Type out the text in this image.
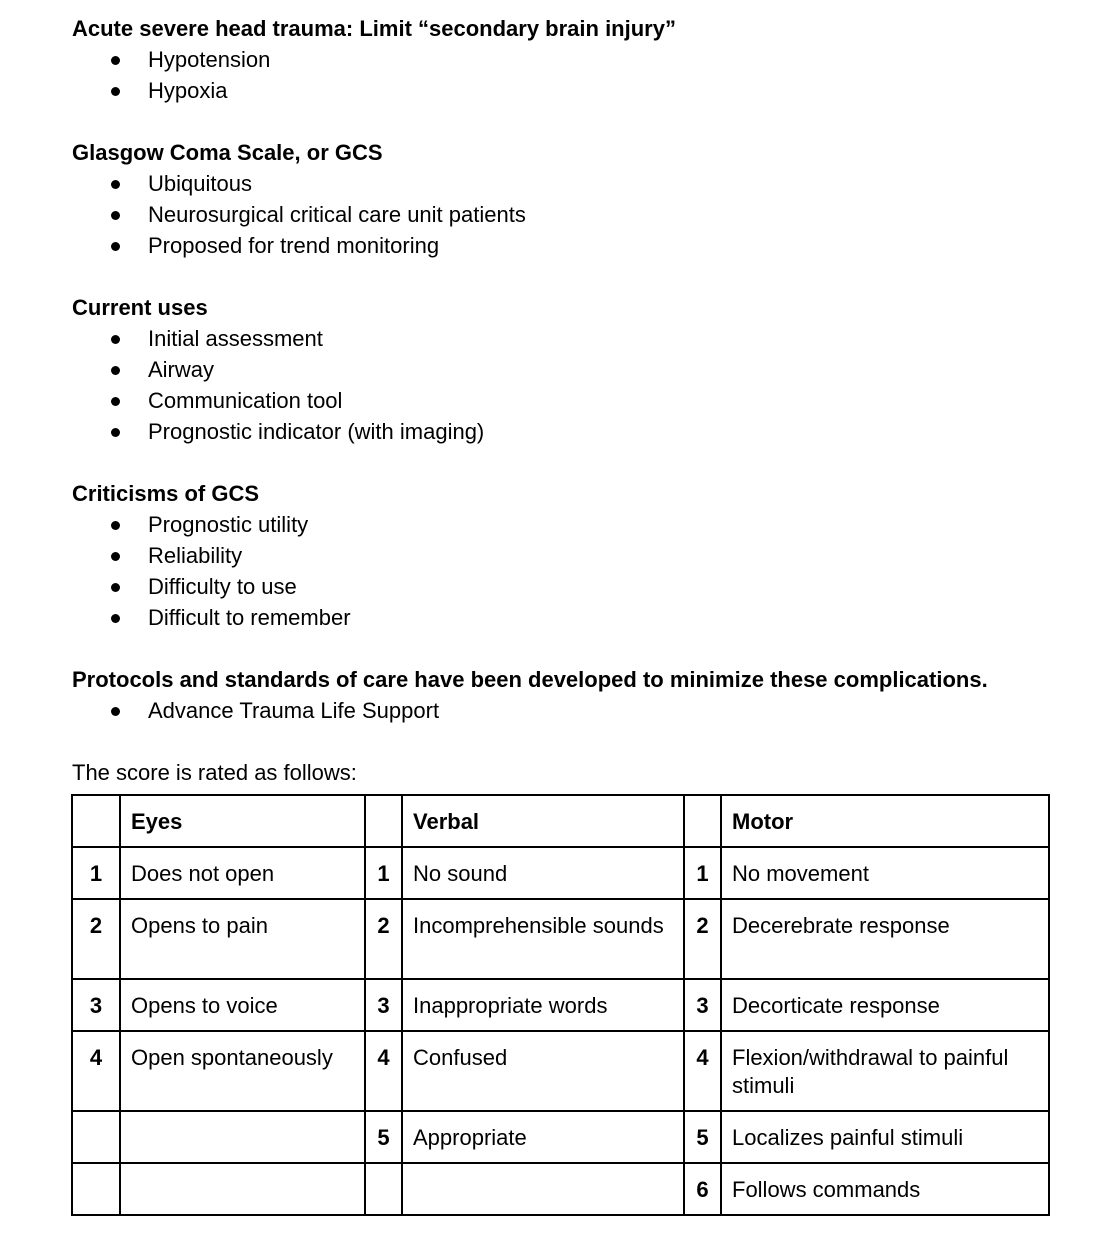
Acute severe head trauma: Limit “secondary brain injury”

Hypotension
Hypoxia

Glasgow Coma Scale, or GCS

Ubiquitous
Neurosurgical critical care unit patients
Proposed for trend monitoring

Current uses

Initial assessment
Airway
Communication tool
Prognostic indicator (with imaging)

Criticisms of GCS

Prognostic utility
Reliability
Difficulty to use
Difficult to remember

Protocols and standards of care have been developed to minimize these complications.

Advance Trauma Life Support

The score is rated as follows:

	Eyes		Verbal		Motor
1	Does not open	1	No sound	1	No movement
2	Opens to pain	2	Incomprehensible sounds	2	Decerebrate response
3	Opens to voice	3	Inappropriate words	3	Decorticate response
4	Open spontaneously	4	Confused	4	Flexion/withdrawal to painful stimuli
		5	Appropriate	5	Localizes painful stimuli
				6	Follows commands
